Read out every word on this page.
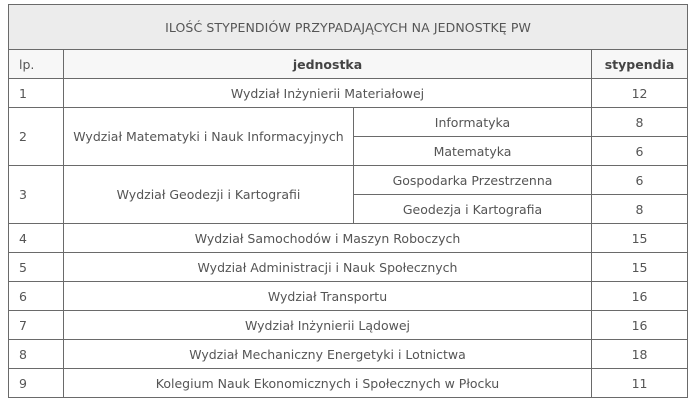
ILOŚĆ STYPENDIÓW PRZYPADAJĄCYCH NA JEDNOSTKĘ PW			
lp.	jednostka		stypendia
1	Wydział Inżynierii Materiałowej		12
2	Wydział Matematyki i Nauk Informacyjnych	Informatyka	8
		Matematyka	6
3	Wydział Geodezji i Kartografii	Gospodarka Przestrzenna	6
		Geodezja i Kartografia	8
4	Wydział Samochodów i Maszyn Roboczych		15
5	Wydział Administracji i Nauk Społecznych		15
6	Wydział Transportu		16
7	Wydział Inżynierii Lądowej		16
8	Wydział Mechaniczny Energetyki i Lotnictwa		18
9	Kolegium Nauk Ekonomicznych i Społecznych w Płocku		11
